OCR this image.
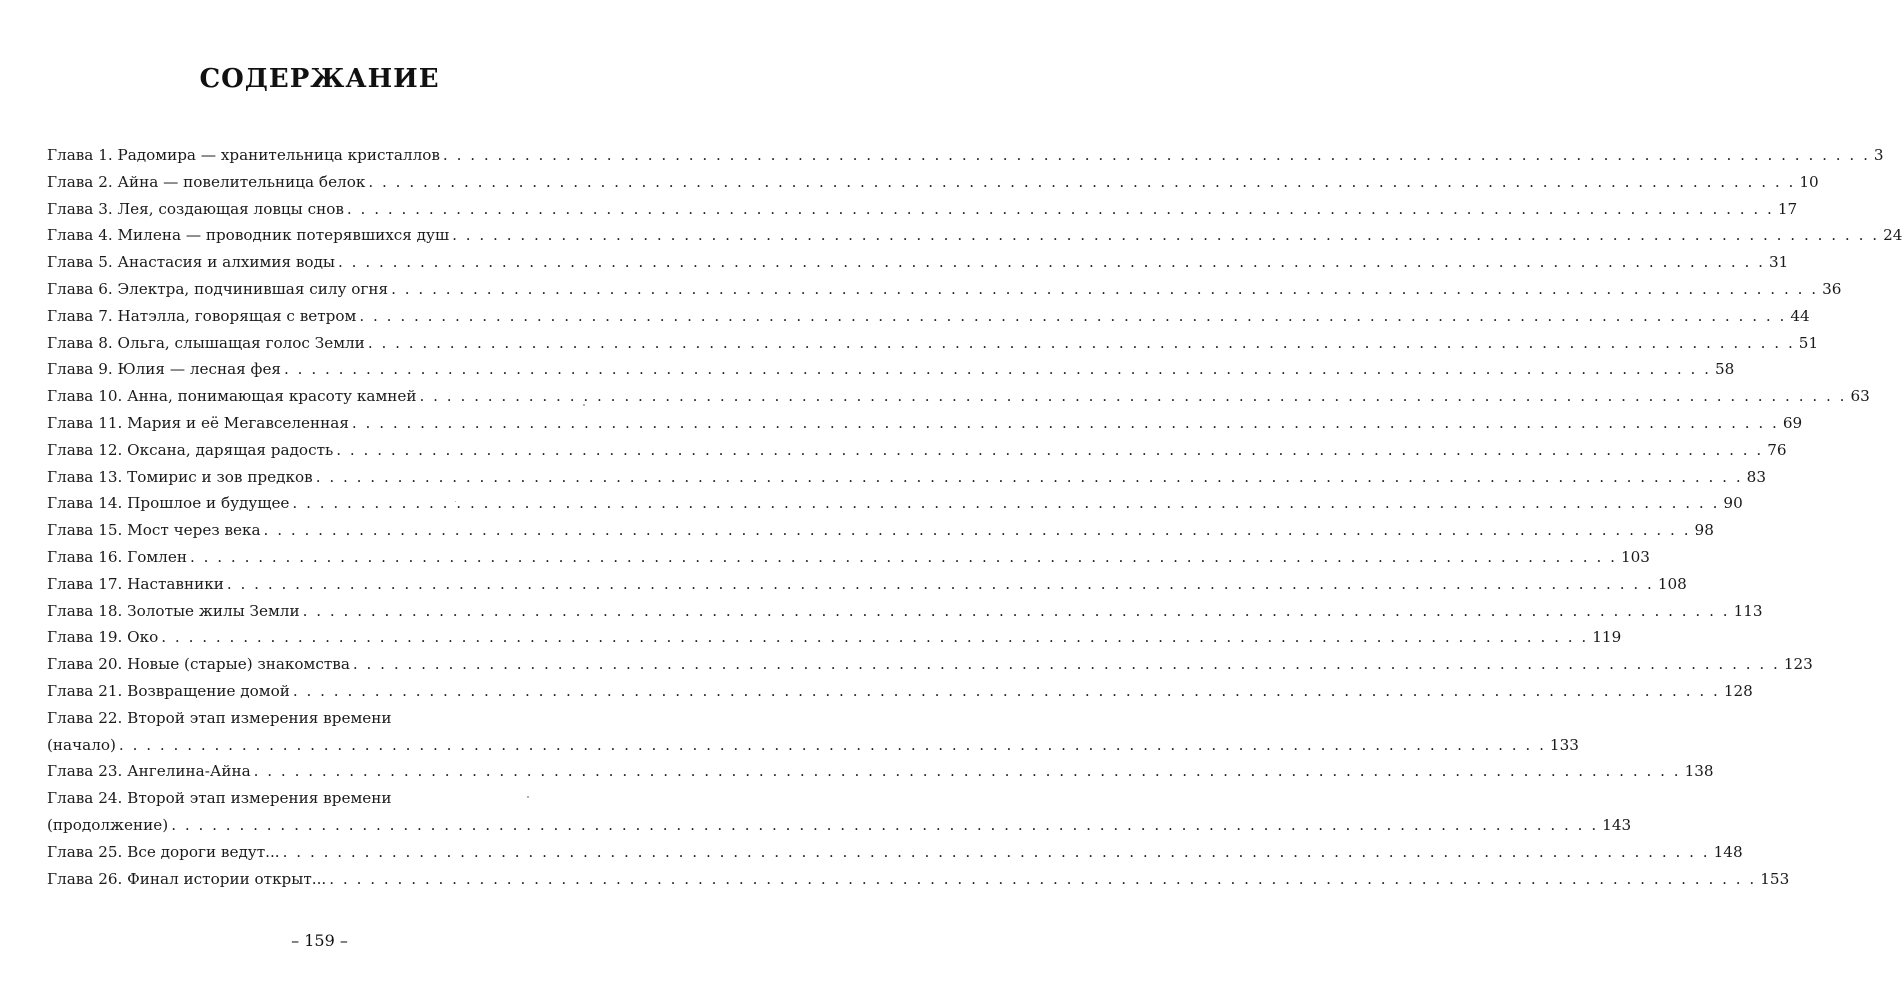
СОДЕРЖАНИЕ
Глава 1. Радомира — хранительница кристаллов . . .	3
Глава 2. Айна — повелительница белок . . .	10
Глава 3. Лея, создающая ловцы снов . . .	17
Глава 4. Милена — проводник потерявшихся душ . . .	24
Глава 5. Анастасия и алхимия воды . . .	31
Глава 6. Электра, подчинившая силу огня . . .	36
Глава 7. Натэлла, говорящая с ветром . . .	44
Глава 8. Ольга, слышащая голос Земли . . .	51
Глава 9. Юлия — лесная фея . . .	58
Глава 10. Анна, понимающая красоту камней . . .	63
Глава 11. Мария и её Мегавселенная . . .	69
Глава 12. Оксана, дарящая радость . . .	76
Глава 13. Томирис и зов предков . . .	83
Глава 14. Прошлое и будущее . . .	90
Глава 15. Мост через века . . .	98
Глава 16. Гомлен . . .	103
Глава 17. Наставники . . .	108
Глава 18. Золотые жилы Земли . . .	113
Глава 19. Око . . .	119
Глава 20. Новые (старые) знакомства . . .	123
Глава 21. Возвращение домой . . .	128
Глава 22. Второй этап измерения времени
(начало) . . .	133
Глава 23. Ангелина-Айна . . .	138
Глава 24. Второй этап измерения времени
(продолжение) . . .	143
Глава 25. Все дороги ведут... . . .	148
Глава 26. Финал истории открыт... . . .	153
– 159 –
